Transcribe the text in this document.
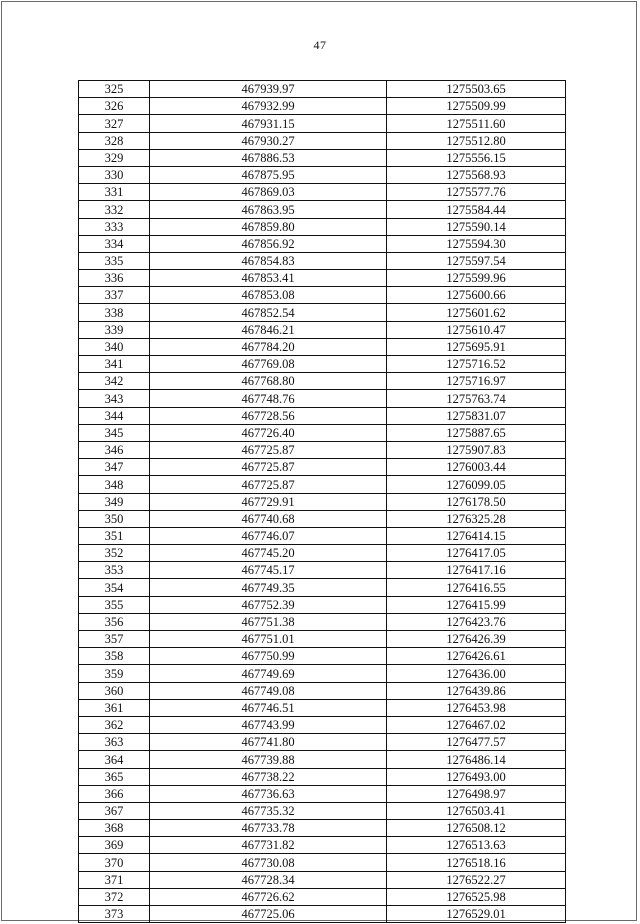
47
325	467939.97	1275503.65
326	467932.99	1275509.99
327	467931.15	1275511.60
328	467930.27	1275512.80
329	467886.53	1275556.15
330	467875.95	1275568.93
331	467869.03	1275577.76
332	467863.95	1275584.44
333	467859.80	1275590.14
334	467856.92	1275594.30
335	467854.83	1275597.54
336	467853.41	1275599.96
337	467853.08	1275600.66
338	467852.54	1275601.62
339	467846.21	1275610.47
340	467784.20	1275695.91
341	467769.08	1275716.52
342	467768.80	1275716.97
343	467748.76	1275763.74
344	467728.56	1275831.07
345	467726.40	1275887.65
346	467725.87	1275907.83
347	467725.87	1276003.44
348	467725.87	1276099.05
349	467729.91	1276178.50
350	467740.68	1276325.28
351	467746.07	1276414.15
352	467745.20	1276417.05
353	467745.17	1276417.16
354	467749.35	1276416.55
355	467752.39	1276415.99
356	467751.38	1276423.76
357	467751.01	1276426.39
358	467750.99	1276426.61
359	467749.69	1276436.00
360	467749.08	1276439.86
361	467746.51	1276453.98
362	467743.99	1276467.02
363	467741.80	1276477.57
364	467739.88	1276486.14
365	467738.22	1276493.00
366	467736.63	1276498.97
367	467735.32	1276503.41
368	467733.78	1276508.12
369	467731.82	1276513.63
370	467730.08	1276518.16
371	467728.34	1276522.27
372	467726.62	1276525.98
373	467725.06	1276529.01
